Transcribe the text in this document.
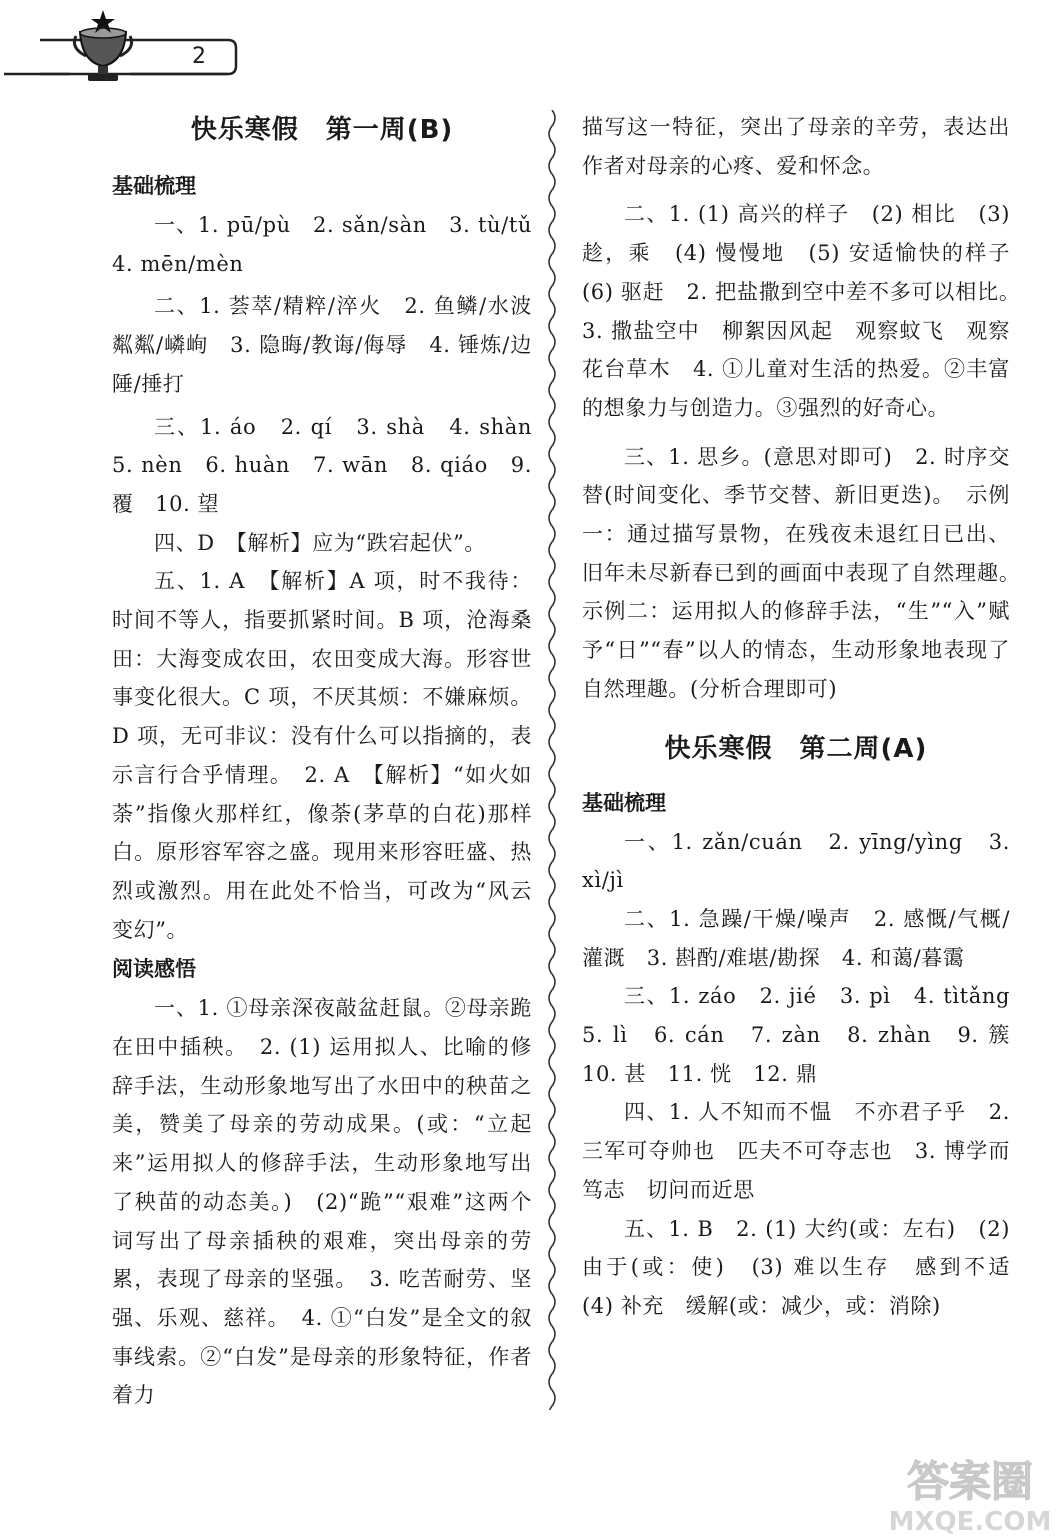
2

快乐寒假　第一周(B)

基础梳理

一、1. pū/pù　2. sǎn/sàn　3. tù/tǔ　4. mēn/mèn

二、1. 荟萃/精粹/淬火　2. 鱼鳞/水波粼粼/嶙峋　3. 隐晦/教诲/侮辱　4. 锤炼/边陲/捶打

三、1. áo　2. qí　3. shà　4. shàn　5. nèn　6. huàn　7. wān　8. qiáo　9. 覆　10. 望

四、D　【解析】应为“跌宕起伏”。

五、1. A　【解析】A 项，时不我待：时间不等人，指要抓紧时间。B 项，沧海桑田：大海变成农田，农田变成大海。形容世事变化很大。C 项，不厌其烦：不嫌麻烦。D 项，无可非议：没有什么可以指摘的，表示言行合乎情理。　2. A　【解析】“如火如荼”指像火那样红，像荼(茅草的白花)那样白。原形容军容之盛。现用来形容旺盛、热烈或激烈。用在此处不恰当，可改为“风云变幻”。

阅读感悟

一、1. ①母亲深夜敲盆赶鼠。②母亲跪在田中插秧。　2. (1) 运用拟人、比喻的修辞手法，生动形象地写出了水田中的秧苗之美，赞美了母亲的劳动成果。(或：“立起来”运用拟人的修辞手法，生动形象地写出了秧苗的动态美。)　(2)“跪”“艰难”这两个词写出了母亲插秧的艰难，突出母亲的劳累，表现了母亲的坚强。　3. 吃苦耐劳、坚强、乐观、慈祥。　4. ①“白发”是全文的叙事线索。②“白发”是母亲的形象特征，作者着力

描写这一特征，突出了母亲的辛劳，表达出作者对母亲的心疼、爱和怀念。

二、1. (1) 高兴的样子　(2) 相比　(3) 趁，乘　(4) 慢慢地　(5) 安适愉快的样子　(6) 驱赶　2. 把盐撒到空中差不多可以相比。　3. 撒盐空中　柳絮因风起　观察蚊飞　观察花台草木　4. ①儿童对生活的热爱。②丰富的想象力与创造力。③强烈的好奇心。

三、1. 思乡。(意思对即可)　2. 时序交替(时间变化、季节交替、新旧更迭)。　示例一：通过描写景物，在残夜未退红日已出、旧年未尽新春已到的画面中表现了自然理趣。　示例二：运用拟人的修辞手法，“生”“入”赋予“日”“春”以人的情态，生动形象地表现了自然理趣。(分析合理即可)

快乐寒假　第二周(A)

基础梳理

一、1. zǎn/cuán　2. yīng/yìng　3. xì/jì

二、1. 急躁/干燥/噪声　2. 感慨/气概/灌溉　3. 斟酌/难堪/勘探　4. 和蔼/暮霭

三、1. záo　2. jié　3. pì　4. tìtǎng　5. lì　6. cán　7. zàn　8. zhàn　9. 簇　10. 甚　11. 恍　12. 鼎

四、1. 人不知而不愠　不亦君子乎　2. 三军可夺帅也　匹夫不可夺志也　3. 博学而笃志　切问而近思

五、1. B　2. (1) 大约(或：左右)　(2) 由于(或：使)　(3) 难以生存　感到不适　(4) 补充　缓解(或：减少，或：消除)

答案圈
MXQE.COM
